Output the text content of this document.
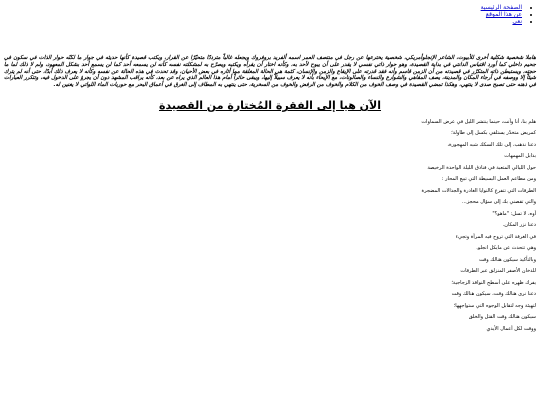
• الصفحة الرئيسية
• عن هذا الموقع
• نعي

هاملا شخصية شكلية أخرى للأبيوت، الشاعر الإنجلوأمريكي، شخصية يخترعها عن رجل في منتصف العمر اسمه ألفريد بروفروك ويجعله غالباً مترددًا متحيّرًا عن القرار، ويكتب قصيدة كأنها حديثه في جوار ما لكنّه حوار الذات في سكون في جحيم داخلي كما أورد اقتباس الدانتي في بداية القصيدة، وهو حوار ذاتي نفسي لا يقدر على أن يبوح لأحد به، وكأنه اختار أن يقرأه ويكتبه ويصرّح به لمشكلته نفسه كأنه لن يسمعه أحد كما لن يسمع أحد بشكل المعهود، ولم لا ذلك لما ما حجته، ويستبطن ذاته المتكرّر في قصيدته من أن الزمن قاسم وأنه فقد قدرته على الإيقاع والزمن والإنسان، كثمة هي الحالة المغلقة مما أثاره في بعض الأحيان، وقد تحدث في هذه الحالة عن نفسه وكأنه لا يعرف ذلك أبدًا، حتى أنه لم يترك شيئاً إلا ووصفه في أرجاء المكان والمدينة، يصف المقاهي والشوارع والنساء والصالونات، مع الإيحاء بأنه لا يعرف سبيلاً إليها، ويبقى حائراً أمام هذا العالم الذي يراه عن بعد، كأنه يراقب المشهد دون أن يجرؤ على الدخول فيه، وتتكرر العبارات في ذهنه حتى تصبح صدى لا ينتهي، وهكذا تمضي القصيدة في وصف الخوف من الكلام والخوف من الرفض والخوف من السخرية، حتى ينتهي به المطاف إلى الغرق في أعماق البحر مع حوريات الماء اللواتي لا يغنين له.

الآن هيا إلى الفقرة المُختارة من القصيدة
هلم بنا، أنا وأنت، حينما ينتشر الليل في عرض السماوات
كمريض متخدّر يستلقي بكسل إلى طاولة؛
دعنا نذهب، إلى تلك السكك شبه المهجورة،
بذابل المهمهات
حول الليالي المتعبة في فنادق الليلة الواحدة الرخيصة
ومن مطاعم العمل البسيطة التي تبيع المحار :
الطرقات التي تتفرع كالنوايا الغادرة والجدالات المضجرة
والتي تقصني بك إلى سؤال محجز...
أوه، لا تسل: "ماهو؟"
دعنا نزر المكان.
في الغرفة التي تروح فيه المرأة وتجيء
وهي تتحدث عن مايكل انجلو.
وبالتأكيد سيكون هنالك وقت
للدخان الأصفر المنزلق عبر الطرقات
يفرك ظهره على أسطح النوافذ الزجاجية؛
دعنا نرى هنالك وقت، سيكون هنالك وقت
لتهيئة وجه لتقابل الوجوه التي ستواجهها؛
سيكون هنالك وقت القتل والخلق
ووقت لكل أعمال الأيدي
